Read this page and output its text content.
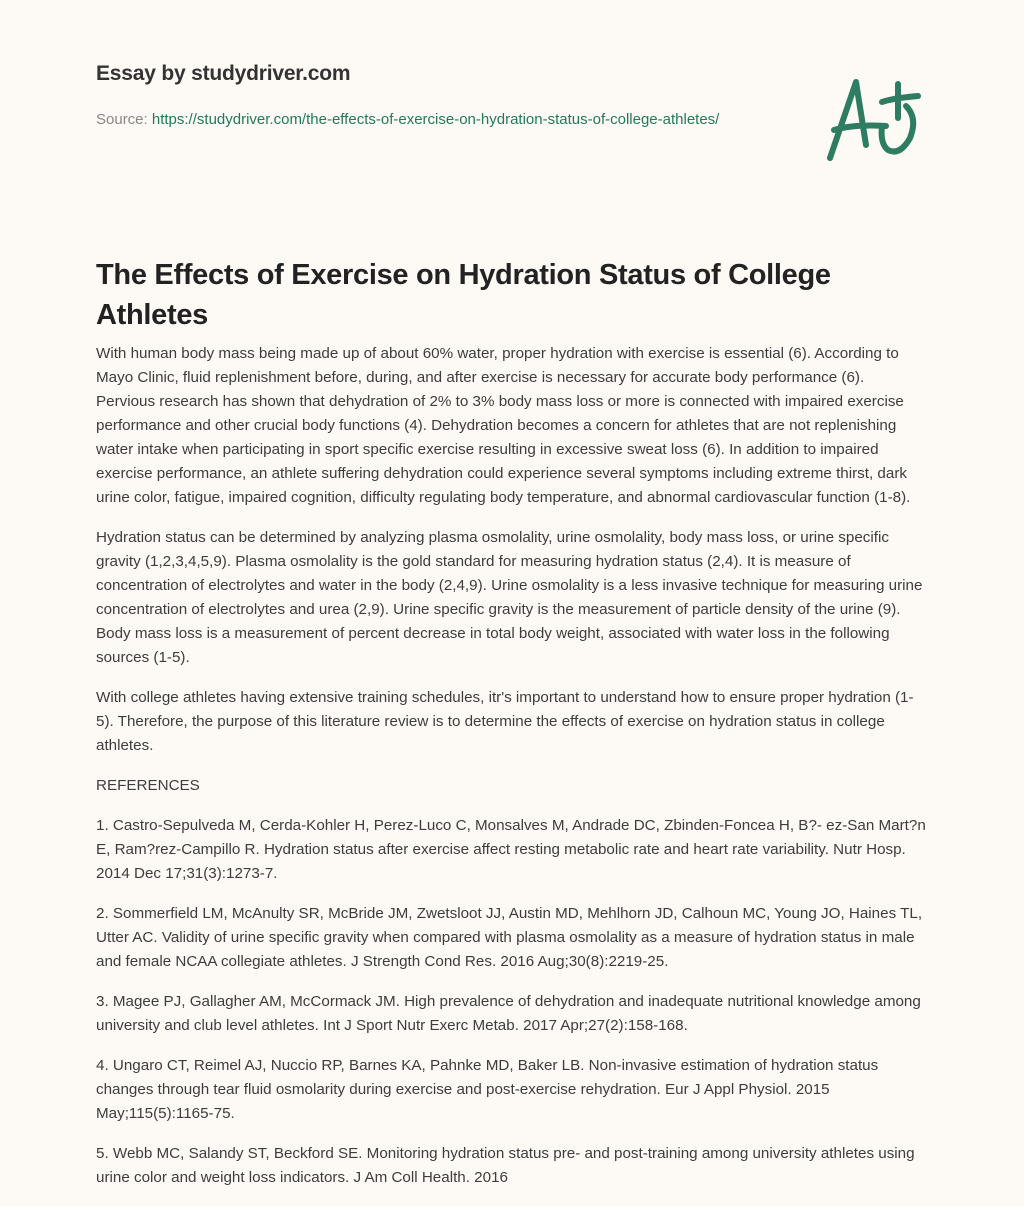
Essay by studydriver.com
Source: https://studydriver.com/the-effects-of-exercise-on-hydration-status-of-college-athletes/
The Effects of Exercise on Hydration Status of College Athletes

With human body mass being made up of about 60% water, proper hydration with exercise is essential (6). According to Mayo Clinic, fluid replenishment before, during, and after exercise is necessary for accurate body performance (6). Pervious research has shown that dehydration of 2% to 3% body mass loss or more is connected with impaired exercise performance and other crucial body functions (4). Dehydration becomes a concern for athletes that are not replenishing water intake when participating in sport specific exercise resulting in excessive sweat loss (6). In addition to impaired exercise performance, an athlete suffering dehydration could experience several symptoms including extreme thirst, dark urine color, fatigue, impaired cognition, difficulty regulating body temperature, and abnormal cardiovascular function (1-8).

Hydration status can be determined by analyzing plasma osmolality, urine osmolality, body mass loss, or urine specific gravity (1,2,3,4,5,9). Plasma osmolality is the gold standard for measuring hydration status (2,4). It is measure of concentration of electrolytes and water in the body (2,4,9). Urine osmolality is a less invasive technique for measuring urine concentration of electrolytes and urea (2,9). Urine specific gravity is the measurement of particle density of the urine (9). Body mass loss is a measurement of percent decrease in total body weight, associated with water loss in the following sources (1-5).

With college athletes having extensive training schedules, itr's important to understand how to ensure proper hydration (1-5). Therefore, the purpose of this literature review is to determine the effects of exercise on hydration status in college athletes.

REFERENCES

1. Castro-Sepulveda M, Cerda-Kohler H, Perez-Luco C, Monsalves M, Andrade DC, Zbinden-Foncea H, B?- ez-San Mart?n E, Ram?rez-Campillo R. Hydration status after exercise affect resting metabolic rate and heart rate variability. Nutr Hosp. 2014 Dec 17;31(3):1273-7.

2. Sommerfield LM, McAnulty SR, McBride JM, Zwetsloot JJ, Austin MD, Mehlhorn JD, Calhoun MC, Young JO, Haines TL, Utter AC. Validity of urine specific gravity when compared with plasma osmolality as a measure of hydration status in male and female NCAA collegiate athletes. J Strength Cond Res. 2016 Aug;30(8):2219-25.

3. Magee PJ, Gallagher AM, McCormack JM. High prevalence of dehydration and inadequate nutritional knowledge among university and club level athletes. Int J Sport Nutr Exerc Metab. 2017 Apr;27(2):158-168.

4. Ungaro CT, Reimel AJ, Nuccio RP, Barnes KA, Pahnke MD, Baker LB. Non-invasive estimation of hydration status changes through tear fluid osmolarity during exercise and post-exercise rehydration. Eur J Appl Physiol. 2015 May;115(5):1165-75.

5. Webb MC, Salandy ST, Beckford SE. Monitoring hydration status pre- and post-training among university athletes using urine color and weight loss indicators. J Am Coll Health. 2016
